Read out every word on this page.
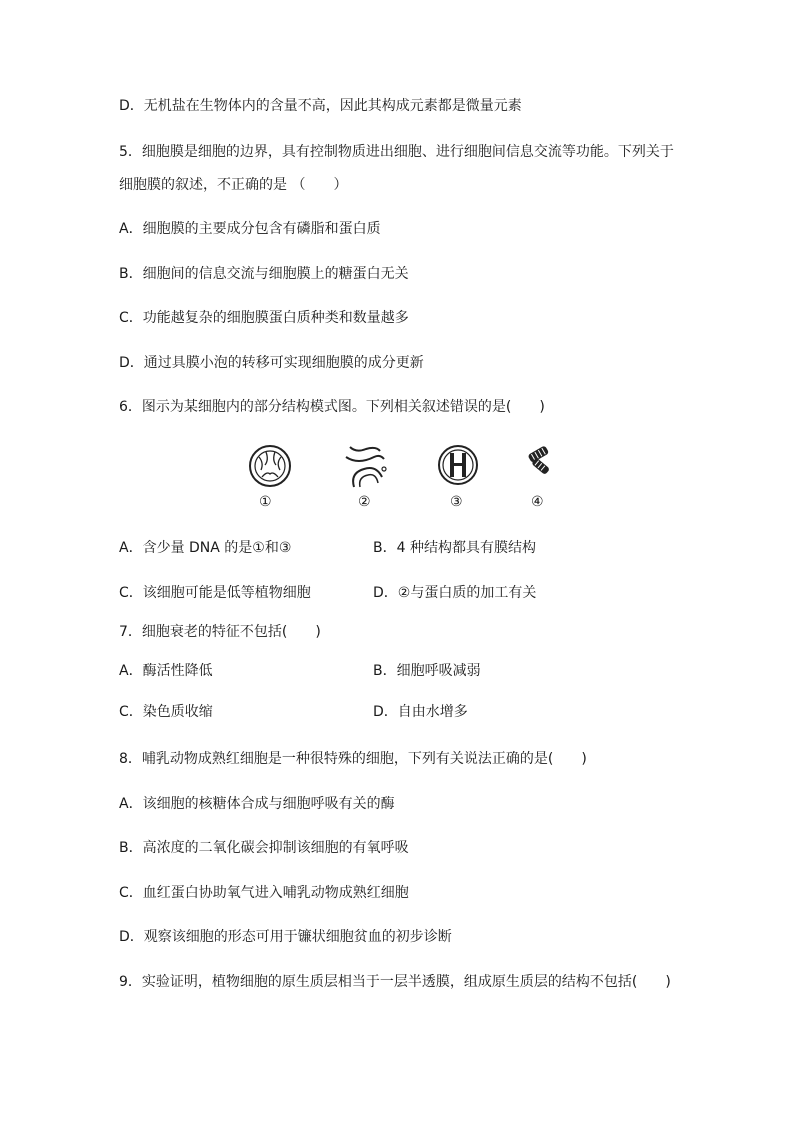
D．无机盐在生物体内的含量不高，因此其构成元素都是微量元素
5．细胞膜是细胞的边界，具有控制物质进出细胞、进行细胞间信息交流等功能。下列关于
细胞膜的叙述，不正确的是 （　　）
A．细胞膜的主要成分包含有磷脂和蛋白质
B．细胞间的信息交流与细胞膜上的糖蛋白无关
C．功能越复杂的细胞膜蛋白质种类和数量越多
D．通过具膜小泡的转移可实现细胞膜的成分更新
6．图示为某细胞内的部分结构模式图。下列相关叙述错误的是(　　)
①	②	③	④
A．含少量 DNA 的是①和③	B．4 种结构都具有膜结构
C．该细胞可能是低等植物细胞	D．②与蛋白质的加工有关
7．细胞衰老的特征不包括(　　)
A．酶活性降低	B．细胞呼吸减弱
C．染色质收缩	D．自由水增多
8．哺乳动物成熟红细胞是一种很特殊的细胞，下列有关说法正确的是(　　)
A．该细胞的核糖体合成与细胞呼吸有关的酶
B．高浓度的二氧化碳会抑制该细胞的有氧呼吸
C．血红蛋白协助氧气进入哺乳动物成熟红细胞
D．观察该细胞的形态可用于镰状细胞贫血的初步诊断
9．实验证明，植物细胞的原生质层相当于一层半透膜，组成原生质层的结构不包括(　　)
